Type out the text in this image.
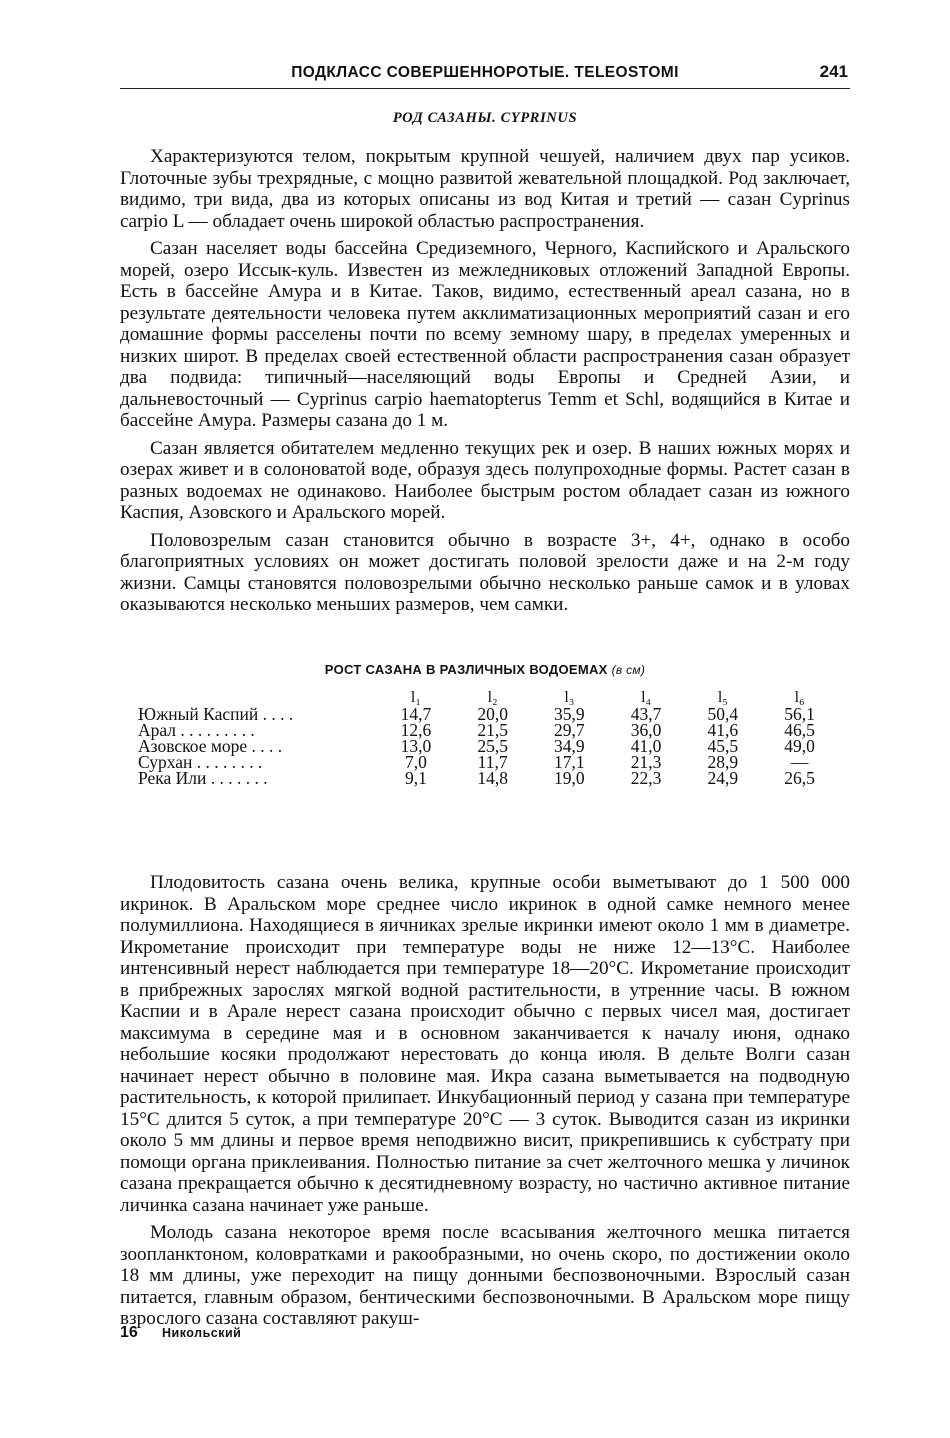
ПОДКЛАСС СОВЕРШЕННОРОТЫЕ. TELEOSTOMI	241
РОД САЗАНЫ. CYPRINUS

Характеризуются телом, покрытым крупной чешуей, наличием двух пар усиков. Глоточные зубы трехрядные, с мощно развитой жевательной площадкой. Род заключает, видимо, три вида, два из которых описаны из вод Китая и третий — сазан Cyprinus carpio L — обладает очень широкой областью распространения.

Сазан населяет воды бассейна Средиземного, Черного, Каспийского и Аральского морей, озеро Иссык-куль. Известен из межледниковых отложений Западной Европы. Есть в бассейне Амура и в Китае. Таков, видимо, естественный ареал сазана, но в результате деятельности человека путем акклиматизационных мероприятий сазан и его домашние формы расселены почти по всему земному шару, в пределах умеренных и низких широт. В пределах своей естественной области распространения сазан образует два подвида: типичный—населяющий воды Европы и Средней Азии, и дальневосточный — Cyprinus carpio haematopterus Temm et Schl, водящийся в Китае и бассейне Амура. Размеры сазана до 1 м.

Сазан является обитателем медленно текущих рек и озер. В наших южных морях и озерах живет и в солоноватой воде, образуя здесь полупроходные формы. Растет сазан в разных водоемах не одинаково. Наиболее быстрым ростом обладает сазан из южного Каспия, Азовского и Аральского морей.

Половозрелым сазан становится обычно в возрасте 3+, 4+, однако в особо благоприятных условиях он может достигать половой зрелости даже и на 2-м году жизни. Самцы становятся половозрелыми обычно несколько раньше самок и в уловах оказываются несколько меньших размеров, чем самки.

РОСТ САЗАНА В РАЗЛИЧНЫХ ВОДОЕМАХ (в см)
	l₁	l₂	l₃	l₄	l₅	l₆
Южный Каспий . . . .	14,7	20,0	35,9	43,7	50,4	56,1
Арал . . . . . . . . .	12,6	21,5	29,7	36,0	41,6	46,5
Азовское море . . . .	13,0	25,5	34,9	41,0	45,5	49,0
Сурхан . . . . . . . .	7,0	11,7	17,1	21,3	28,9	—
Река Или . . . . . . .	9,1	14,8	19,0	22,3	24,9	26,5

Плодовитость сазана очень велика, крупные особи выметывают до 1 500 000 икринок. В Аральском море среднее число икринок в одной самке немного менее полумиллиона. Находящиеся в яичниках зрелые икринки имеют около 1 мм в диаметре. Икрометание происходит при температуре воды не ниже 12—13°С. Наиболее интенсивный нерест наблюдается при температуре 18—20°С. Икрометание происходит в прибрежных зарослях мягкой водной растительности, в утренние часы. В южном Каспии и в Арале нерест сазана происходит обычно с первых чисел мая, достигает максимума в середине мая и в основном заканчивается к началу июня, однако небольшие косяки продолжают нерестовать до конца июля. В дельте Волги сазан начинает нерест обычно в половине мая. Икра сазана выметывается на подводную растительность, к которой прилипает. Инкубационный период у сазана при температуре 15°С длится 5 суток, а при температуре 20°С — 3 суток. Выводится сазан из икринки около 5 мм длины и первое время неподвижно висит, прикрепившись к субстрату при помощи органа приклеивания. Полностью питание за счет желточного мешка у личинок сазана прекращается обычно к десятидневному возрасту, но частично активное питание личинка сазана начинает уже раньше.

Молодь сазана некоторое время после всасывания желточного мешка питается зоопланктоном, коловратками и ракообразными, но очень скоро, по достижении около 18 мм длины, уже переходит на пищу донными беспозвоночными. Взрослый сазан питается, главным образом, бентическими беспозвоночными. В Аральском море пищу взрослого сазана составляют ракуш-

16 Никольский
